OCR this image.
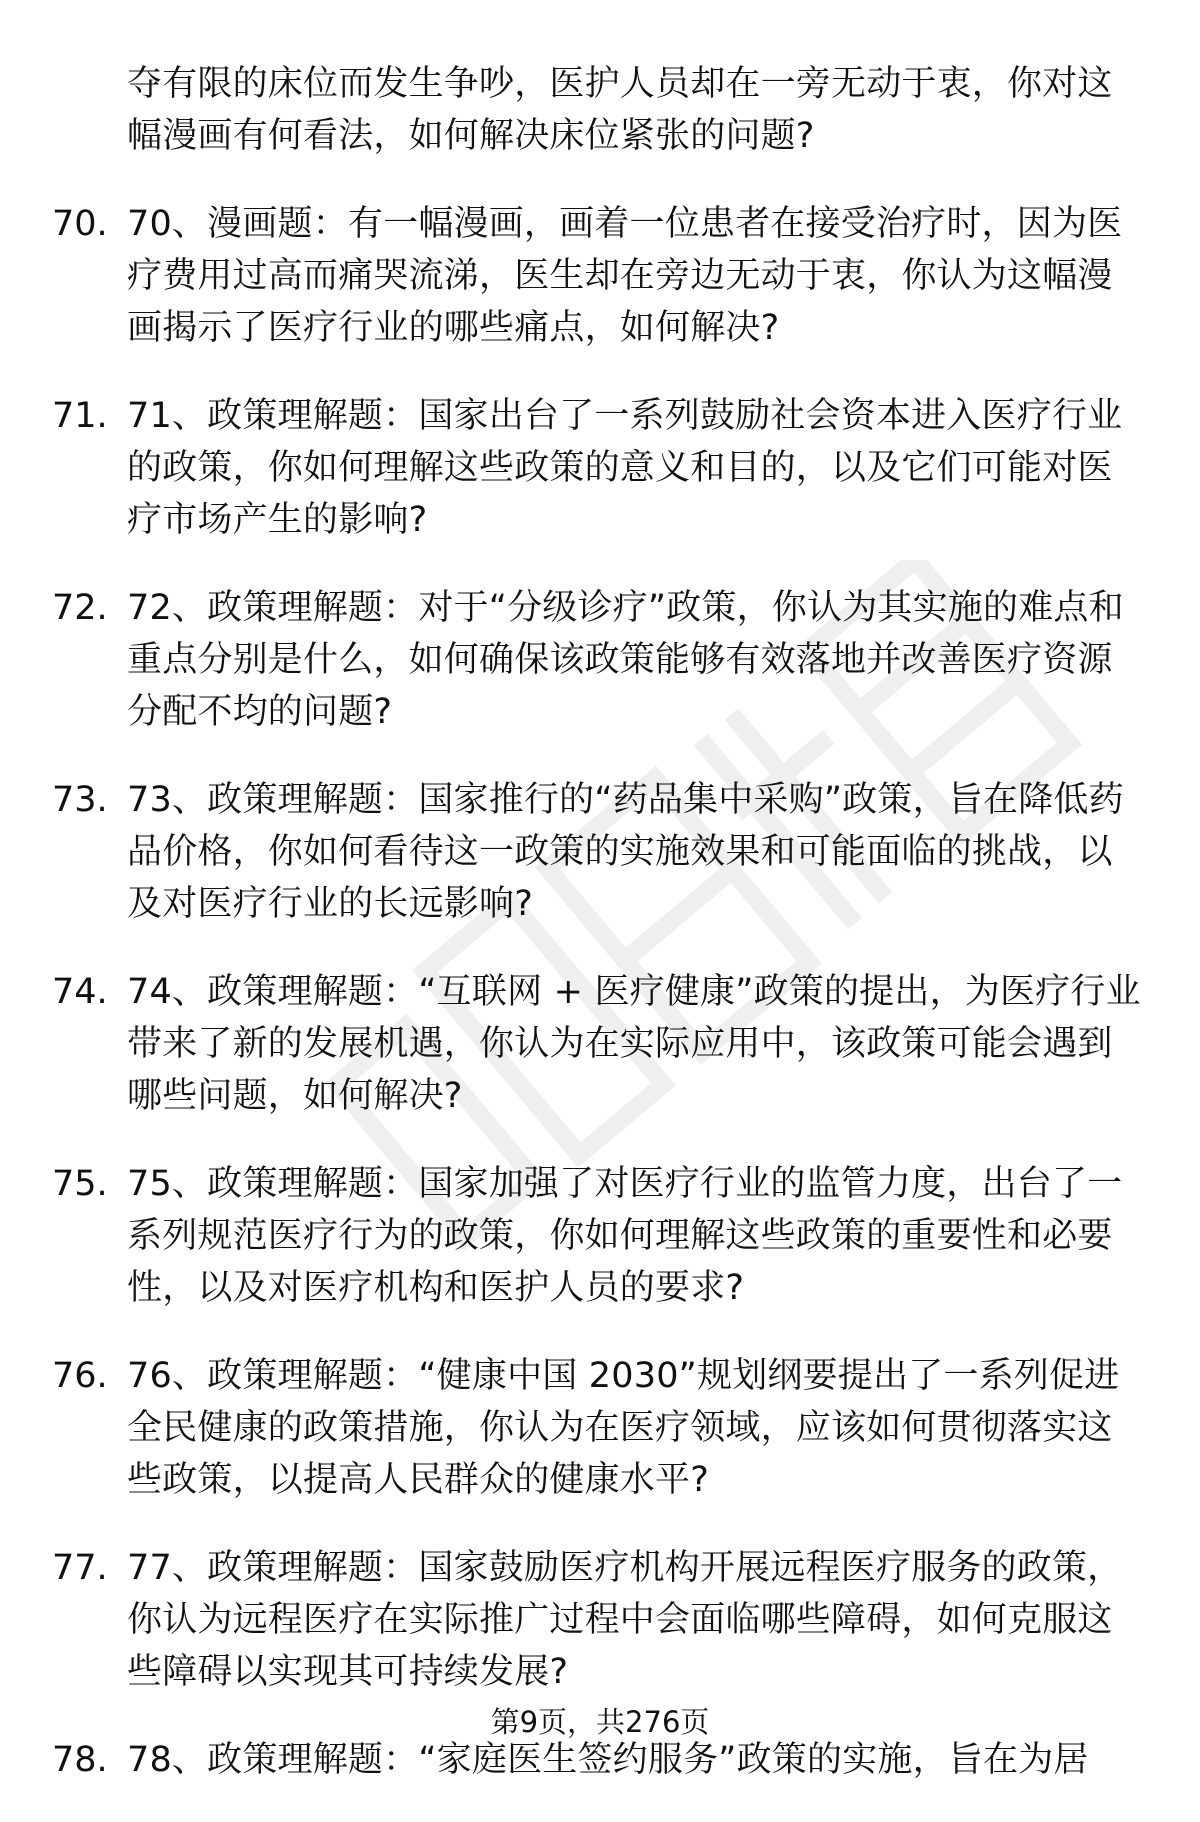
夺有限的床位而发生争吵，医护人员却在一旁无动于衷，你对这幅漫画有何看法，如何解决床位紧张的问题?
70. 70、漫画题：有一幅漫画，画着一位患者在接受治疗时，因为医疗费用过高而痛哭流涕，医生却在旁边无动于衷，你认为这幅漫画揭示了医疗行业的哪些痛点，如何解决?
71. 71、政策理解题：国家出台了一系列鼓励社会资本进入医疗行业的政策，你如何理解这些政策的意义和目的，以及它们可能对医疗市场产生的影响?
72. 72、政策理解题：对于“分级诊疗”政策，你认为其实施的难点和重点分别是什么，如何确保该政策能够有效落地并改善医疗资源分配不均的问题?
73. 73、政策理解题：国家推行的“药品集中采购”政策，旨在降低药品价格，你如何看待这一政策的实施效果和可能面临的挑战，以及对医疗行业的长远影响?
74. 74、政策理解题：“互联网 + 医疗健康”政策的提出，为医疗行业带来了新的发展机遇，你认为在实际应用中，该政策可能会遇到哪些问题，如何解决?
75. 75、政策理解题：国家加强了对医疗行业的监管力度，出台了一系列规范医疗行为的政策，你如何理解这些政策的重要性和必要性，以及对医疗机构和医护人员的要求?
76. 76、政策理解题：“健康中国 2030”规划纲要提出了一系列促进全民健康的政策措施，你认为在医疗领域，应该如何贯彻落实这些政策，以提高人民群众的健康水平?
77. 77、政策理解题：国家鼓励医疗机构开展远程医疗服务的政策，你认为远程医疗在实际推广过程中会面临哪些障碍，如何克服这些障碍以实现其可持续发展?
78. 78、政策理解题：“家庭医生签约服务”政策的实施，旨在为居
第9页，共276页
